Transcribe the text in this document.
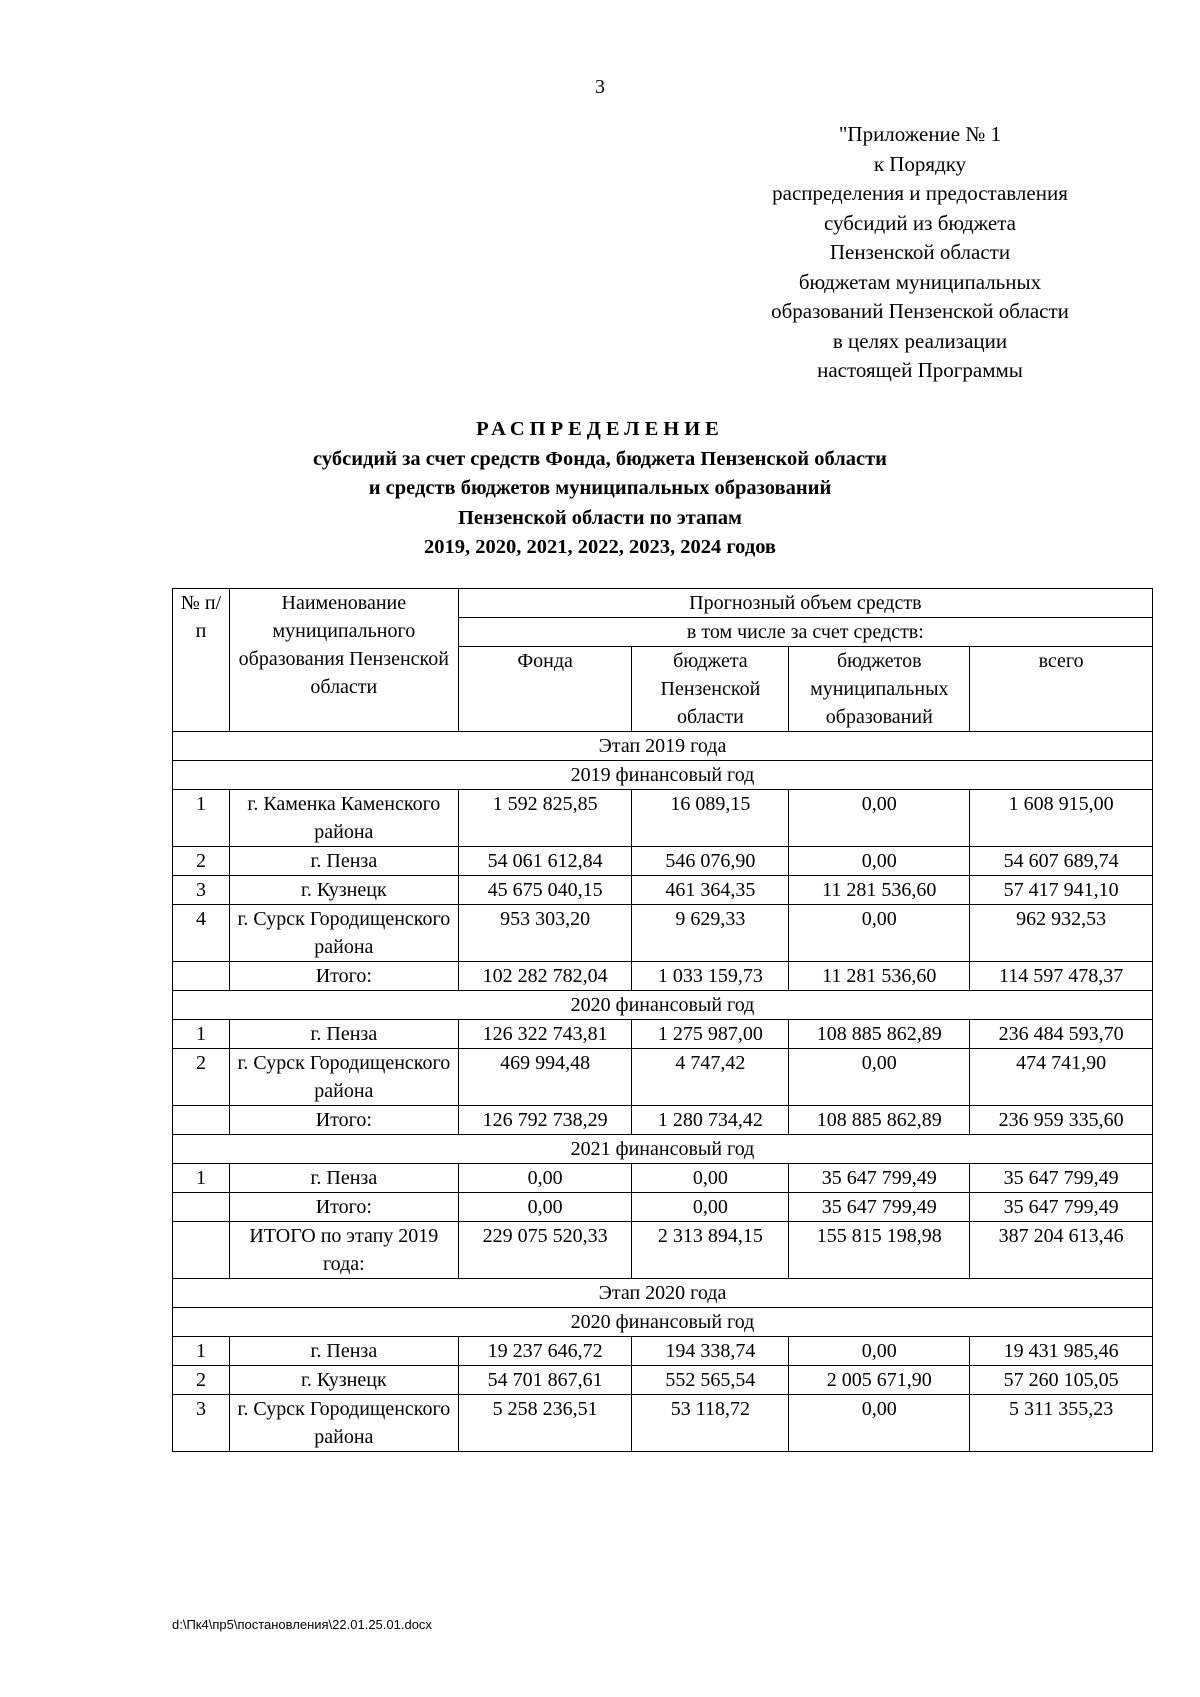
3
"Приложение № 1
к Порядку
распределения и предоставления
субсидий из бюджета
Пензенской области
бюджетам муниципальных
образований Пензенской области
в целях реализации
настоящей Программы
РАСПРЕДЕЛЕНИЕ
субсидий за счет средств Фонда, бюджета Пензенской области
и средств бюджетов муниципальных образований
Пензенской области по этапам
2019, 2020, 2021, 2022, 2023, 2024 годов
№ п/п	Наименование муниципального образования Пензенской области	Прогнозный объем средств			
		в том числе за счет средств:			
		Фонда	бюджета Пензенской области	бюджетов муниципальных образований	всего
Этап 2019 года					
2019 финансовый год					
1	г. Каменка Каменского района	1 592 825,85	16 089,15	0,00	1 608 915,00
2	г. Пенза	54 061 612,84	546 076,90	0,00	54 607 689,74
3	г. Кузнецк	45 675 040,15	461 364,35	11 281 536,60	57 417 941,10
4	г. Сурск Городищенского района	953 303,20	9 629,33	0,00	962 932,53
	Итого:	102 282 782,04	1 033 159,73	11 281 536,60	114 597 478,37
2020 финансовый год					
1	г. Пенза	126 322 743,81	1 275 987,00	108 885 862,89	236 484 593,70
2	г. Сурск Городищенского района	469 994,48	4 747,42	0,00	474 741,90
	Итого:	126 792 738,29	1 280 734,42	108 885 862,89	236 959 335,60
2021 финансовый год					
1	г. Пенза	0,00	0,00	35 647 799,49	35 647 799,49
	Итого:	0,00	0,00	35 647 799,49	35 647 799,49
	ИТОГО по этапу 2019 года:	229 075 520,33	2 313 894,15	155 815 198,98	387 204 613,46
Этап 2020 года					
2020 финансовый год					
1	г. Пенза	19 237 646,72	194 338,74	0,00	19 431 985,46
2	г. Кузнецк	54 701 867,61	552 565,54	2 005 671,90	57 260 105,05
3	г. Сурск Городищенского района	5 258 236,51	53 118,72	0,00	5 311 355,23
d:\Пк4\пр5\постановления\22.01.25.01.docx
